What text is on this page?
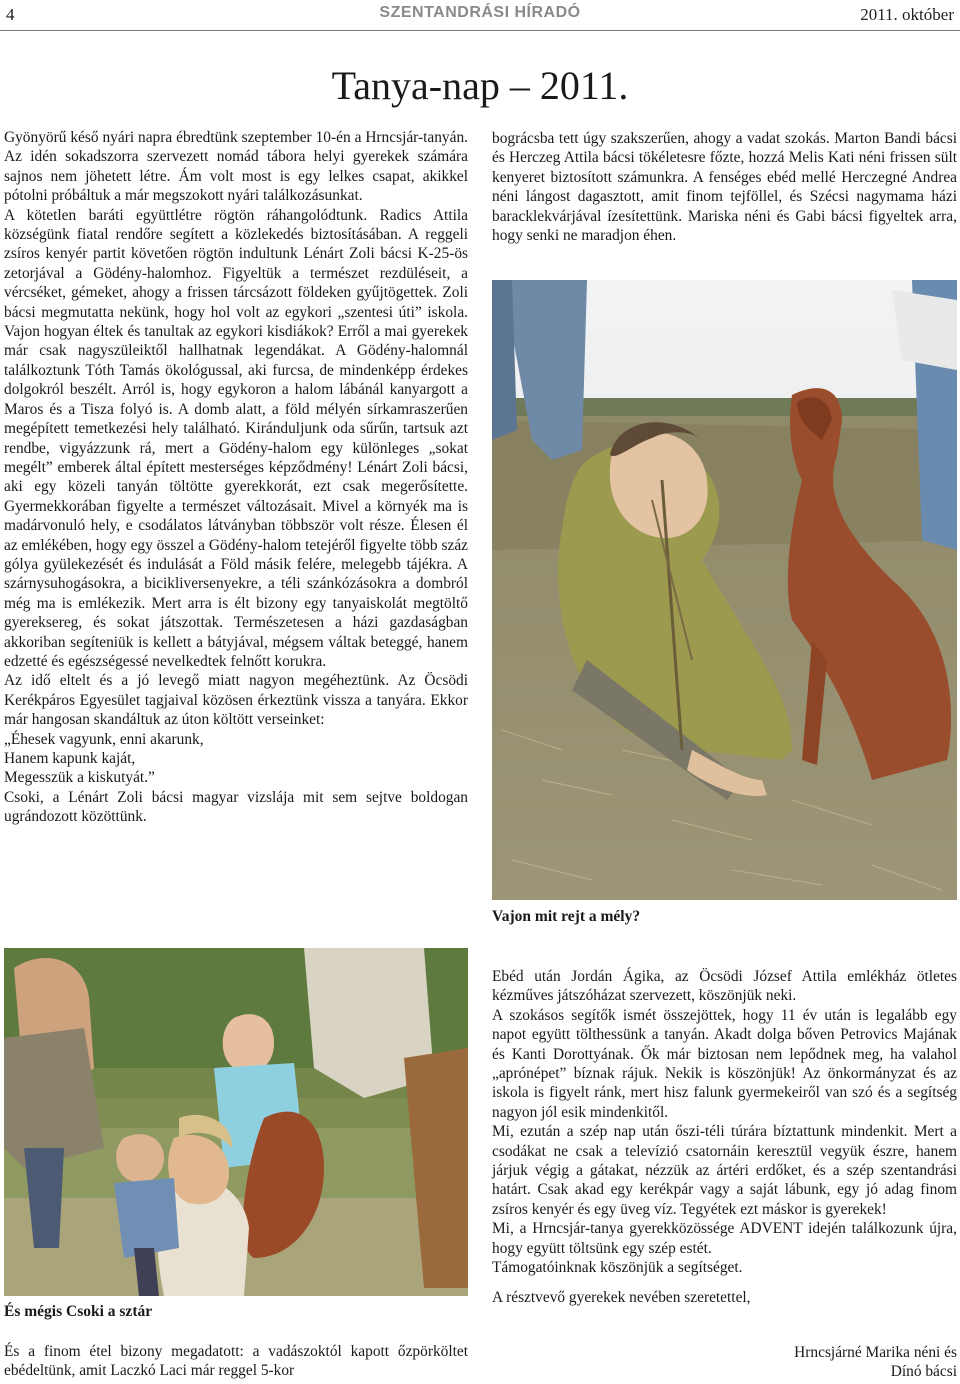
4	SZENTANDRÁSI HÍRADÓ	2011. október
Tanya-nap – 2011.

Gyönyörű késő nyári napra ébredtünk szeptember 10-én a Hrncsjár-tanyán. Az idén sokadszorra szervezett nomád tábora helyi gyerekek számára sajnos nem jöhetett létre. Ám volt most is egy lelkes csapat, akikkel pótolni próbáltuk a már megszokott nyári találkozásunkat.

A kötetlen baráti együttlétre rögtön ráhangolódtunk. Radics Attila községünk fiatal rendőre segített a közlekedés biztosításában. A reggeli zsíros kenyér partit követően rögtön indultunk Lénárt Zoli bácsi K-25-ös zetorjával a Gödény-halomhoz. Figyeltük a természet rezdüléseit, a vércséket, gémeket, ahogy a frissen tárcsázott földeken gyűjtögettek. Zoli bácsi megmutatta nekünk, hogy hol volt az egykori „szentesi úti” iskola. Vajon hogyan éltek és tanultak az egykori kisdiákok? Erről a mai gyerekek már csak nagyszüleiktől hallhatnak legendákat. A Gödény-halomnál találkoztunk Tóth Tamás ökológussal, aki furcsa, de mindenképp érdekes dolgokról beszélt. Arról is, hogy egykoron a halom lábánál kanyargott a Maros és a Tisza folyó is. A domb alatt, a föld mélyén sírkamraszerűen megépített temetkezési hely található. Kiránduljunk oda sűrűn, tartsuk azt rendbe, vigyázzunk rá, mert a Gödény-halom egy különleges „sokat megélt” emberek által épített mesterséges képződmény! Lénárt Zoli bácsi, aki egy közeli tanyán töltötte gyerekkorát, ezt csak megerősítette. Gyermekkorában figyelte a természet változásait. Mivel a környék ma is madárvonuló hely, e csodálatos látványban többször volt része. Élesen él az emlékében, hogy egy összel a Gödény-halom tetejéről figyelte több száz gólya gyülekezését és indulását a Föld másik felére, melegebb tájékra. A szárnysuhogásokra, a bicikliversenyekre, a téli szánkózásokra a dombról még ma is emlékezik. Mert arra is élt bizony egy tanyaiskolát megtöltő gyereksereg, és sokat játszottak. Természetesen a házi gazdaságban akkoriban segíteniük is kellett a bátyjával, mégsem váltak beteggé, hanem edzetté és egészségessé nevelkedtek felnőtt korukra.

Az idő eltelt és a jó levegő miatt nagyon megéheztünk. Az Öcsödi Kerékpáros Egyesület tagjaival közösen érkeztünk vissza a tanyára. Ekkor már hangosan skandáltuk az úton költött verseinket:

„Éhesek vagyunk, enni akarunk,

Hanem kapunk kaját,

Megesszük a kiskutyát.”

Csoki, a Lénárt Zoli bácsi magyar vizslája mit sem sejtve boldogan ugrándozott közöttünk.

bográcsba tett úgy szakszerűen, ahogy a vadat szokás. Marton Bandi bácsi és Herczeg Attila bácsi tökéletesre főzte, hozzá Melis Kati néni frissen sült kenyeret biztosított számunkra. A fenséges ebéd mellé Herczegné Andrea néni lángost dagasztott, amit finom tejföllel, és Szécsi nagymama házi baracklekvárjával ízesítettünk. Mariska néni és Gabi bácsi figyeltek arra, hogy senki ne maradjon éhen.

Vajon mit rejt a mély?
És mégis Csoki a sztár

És a finom étel bizony megadatott: a vadászoktól kapott őzpörköltet ebédeltünk, amit Laczkó Laci már reggel 5-kor

Ebéd után Jordán Ágika, az Öcsödi József Attila emlékház ötletes kézműves játszóházat szervezett, köszönjük neki.

A szokásos segítők ismét összejöttek, hogy 11 év után is legalább egy napot együtt tölthessünk a tanyán. Akadt dolga bőven Petrovics Majának és Kanti Dorottyának. Ők már biztosan nem lepődnek meg, ha valahol „aprónépet” bíznak rájuk. Nekik is köszönjük! Az önkormányzat és az iskola is figyelt ránk, mert hisz falunk gyermekeiről van szó és a segítség nagyon jól esik mindenkitől.

Mi, ezután a szép nap után őszi-téli túrára bíztattunk mindenkit. Mert a csodákat ne csak a televízió csatornáin keresztül vegyük észre, hanem járjuk végig a gátakat, nézzük az ártéri erdőket, és a szép szentandrási határt. Csak akad egy kerékpár vagy a saját lábunk, egy jó adag finom zsíros kenyér és egy üveg víz. Tegyétek ezt máskor is gyerekek!

Mi, a Hrncsjár-tanya gyerekközössége ADVENT idején találkozunk újra, hogy együtt töltsünk egy szép estét.

Támogatóinknak köszönjük a segítséget.

A résztvevő gyerekek nevében szeretettel,

Hrncsjárné Marika néni és
Dínó bácsi
